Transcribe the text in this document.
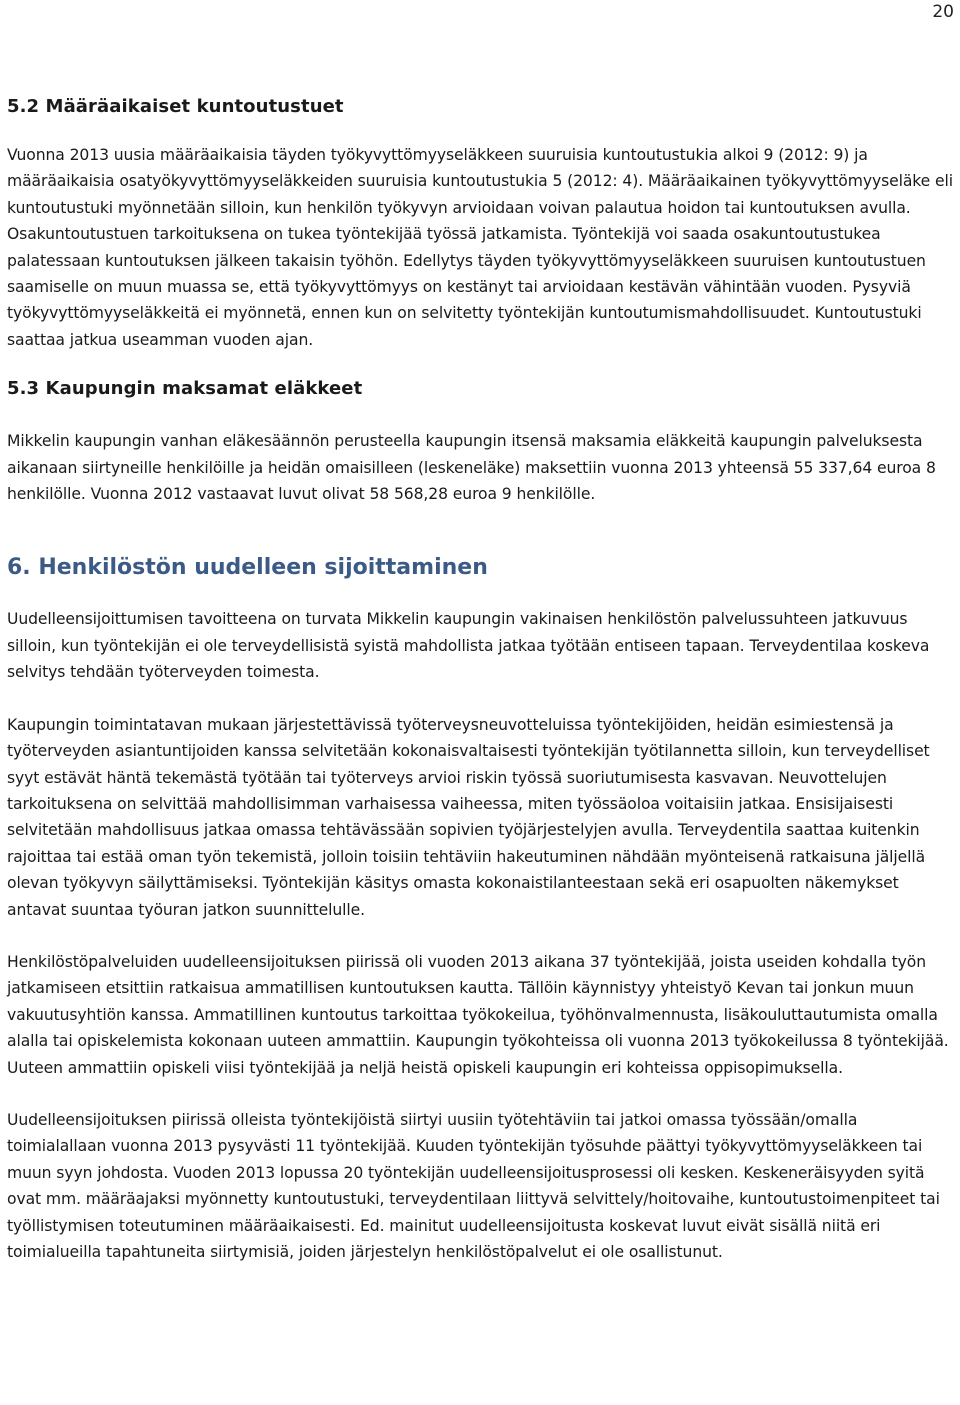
20
5.2 Määräaikaiset kuntoutustuet

Vuonna 2013 uusia määräaikaisia täyden työkyvyttömyyseläkkeen suuruisia kuntoutustukia alkoi 9 (2012: 9) ja määräaikaisia osatyökyvyttömyyseläkkeiden suuruisia kuntoutustukia 5 (2012: 4). Määräaikainen työkyvyttömyyseläke eli kuntoutustuki myönnetään silloin, kun henkilön työkyvyn arvioidaan voivan palautua hoidon tai kuntoutuksen avulla. Osakuntoutustuen tarkoituksena on tukea työntekijää työssä jatkamista. Työntekijä voi saada osakuntoutustukea palatessaan kuntoutuksen jälkeen takaisin työhön. Edellytys täyden työkyvyttömyyseläkkeen suuruisen kuntoutustuen saamiselle on muun muassa se, että työkyvyttömyys on kestänyt tai arvioidaan kestävän vähintään vuoden. Pysyviä työkyvyttömyyseläkkeitä ei myönnetä, ennen kun on selvitetty työntekijän kuntoutumismahdollisuudet. Kuntoutustuki saattaa jatkua useamman vuoden ajan.

5.3 Kaupungin maksamat eläkkeet

Mikkelin kaupungin vanhan eläkesäännön perusteella kaupungin itsensä maksamia eläkkeitä kaupungin palveluksesta aikanaan siirtyneille henkilöille ja heidän omaisilleen (leskeneläke) maksettiin vuonna 2013 yhteensä 55 337,64 euroa 8 henkilölle. Vuonna 2012 vastaavat luvut olivat 58 568,28 euroa 9 henkilölle.

6. Henkilöstön uudelleen sijoittaminen

Uudelleensijoittumisen tavoitteena on turvata Mikkelin kaupungin vakinaisen henkilöstön palvelussuhteen jatkuvuus silloin, kun työntekijän ei ole terveydellisistä syistä mahdollista jatkaa työtään entiseen tapaan. Terveydentilaa koskeva selvitys tehdään työterveyden toimesta.

Kaupungin toimintatavan mukaan järjestettävissä työterveysneuvotteluissa työntekijöiden, heidän esimiestensä ja työterveyden asiantuntijoiden kanssa selvitetään kokonaisvaltaisesti työntekijän työtilannetta silloin, kun terveydelliset syyt estävät häntä tekemästä työtään tai työterveys arvioi riskin työssä suoriutumisesta kasvavan. Neuvottelujen tarkoituksena on selvittää mahdollisimman varhaisessa vaiheessa, miten työssäoloa voitaisiin jatkaa. Ensisijaisesti selvitetään mahdollisuus jatkaa omassa tehtävässään sopivien työjärjestelyjen avulla. Terveydentila saattaa kuitenkin rajoittaa tai estää oman työn tekemistä, jolloin toisiin tehtäviin hakeutuminen nähdään myönteisenä ratkaisuna jäljellä olevan työkyvyn säilyttämiseksi. Työntekijän käsitys omasta kokonaistilanteestaan sekä eri osapuolten näkemykset antavat suuntaa työuran jatkon suunnittelulle.

Henkilöstöpalveluiden uudelleensijoituksen piirissä oli vuoden 2013 aikana 37 työntekijää, joista useiden kohdalla työn jatkamiseen etsittiin ratkaisua ammatillisen kuntoutuksen kautta. Tällöin käynnistyy yhteistyö Kevan tai jonkun muun vakuutusyhtiön kanssa. Ammatillinen kuntoutus tarkoittaa työkokeilua, työhönvalmennusta, lisäkouluttautumista omalla alalla tai opiskelemista kokonaan uuteen ammattiin. Kaupungin työkohteissa oli vuonna 2013 työkokeilussa 8 työntekijää. Uuteen ammattiin opiskeli viisi työntekijää ja neljä heistä opiskeli kaupungin eri kohteissa oppisopimuksella.

Uudelleensijoituksen piirissä olleista työntekijöistä siirtyi uusiin työtehtäviin tai jatkoi omassa työssään/omalla toimialallaan vuonna 2013 pysyvästi 11 työntekijää. Kuuden työntekijän työsuhde päättyi työkyvyttömyyseläkkeen tai muun syyn johdosta. Vuoden 2013 lopussa 20 työntekijän uudelleensijoitusprosessi oli kesken. Keskeneräisyyden syitä ovat mm. määräajaksi myönnetty kuntoutustuki, terveydentilaan liittyvä selvittely/hoitovaihe, kuntoutustoimenpiteet tai työllistymisen toteutuminen määräaikaisesti. Ed. mainitut uudelleensijoitusta koskevat luvut eivät sisällä niitä eri toimialueilla tapahtuneita siirtymisiä, joiden järjestelyn henkilöstöpalvelut ei ole osallistunut.
